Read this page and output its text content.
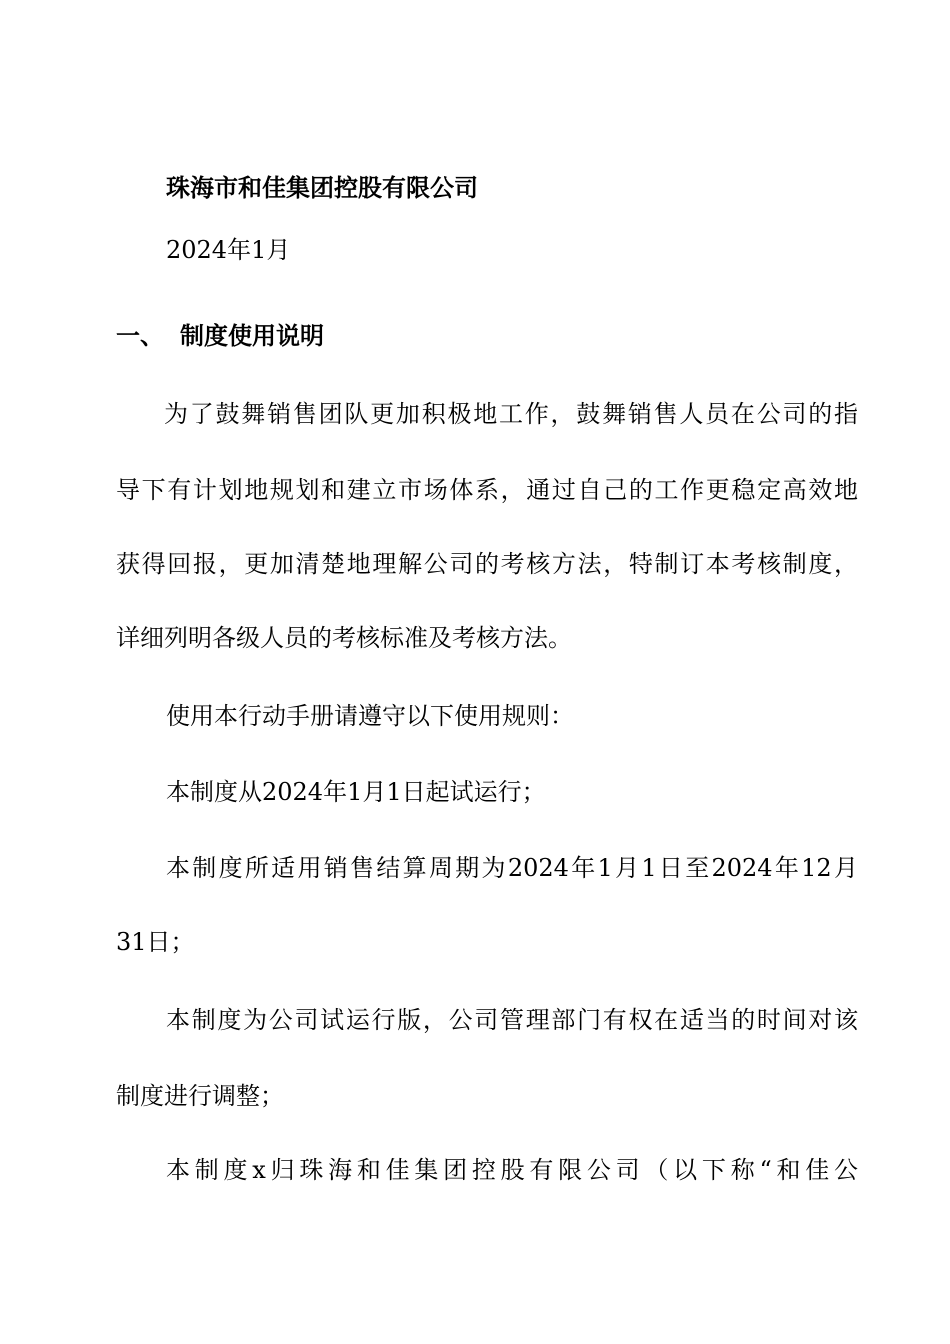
珠海市和佳集团控股有限公司
2024年1月
一、 制度使用说明
为了鼓舞销售团队更加积极地工作，鼓舞销售人员在公司的指
导下有计划地规划和建立市场体系，通过自己的工作更稳定高效地
获得回报，更加清楚地理解公司的考核方法，特制订本考核制度，
详细列明各级人员的考核标准及考核方法。
使用本行动手册请遵守以下使用规则：
本制度从2024年1月1日起试运行；
本制度所适用销售结算周期为2024年1月1日至2024年12月
31日；
本制度为公司试运行版，公司管理部门有权在适当的时间对该
制度进行调整；
本制度x归珠海和佳集团控股有限公司（以下称“和佳公
